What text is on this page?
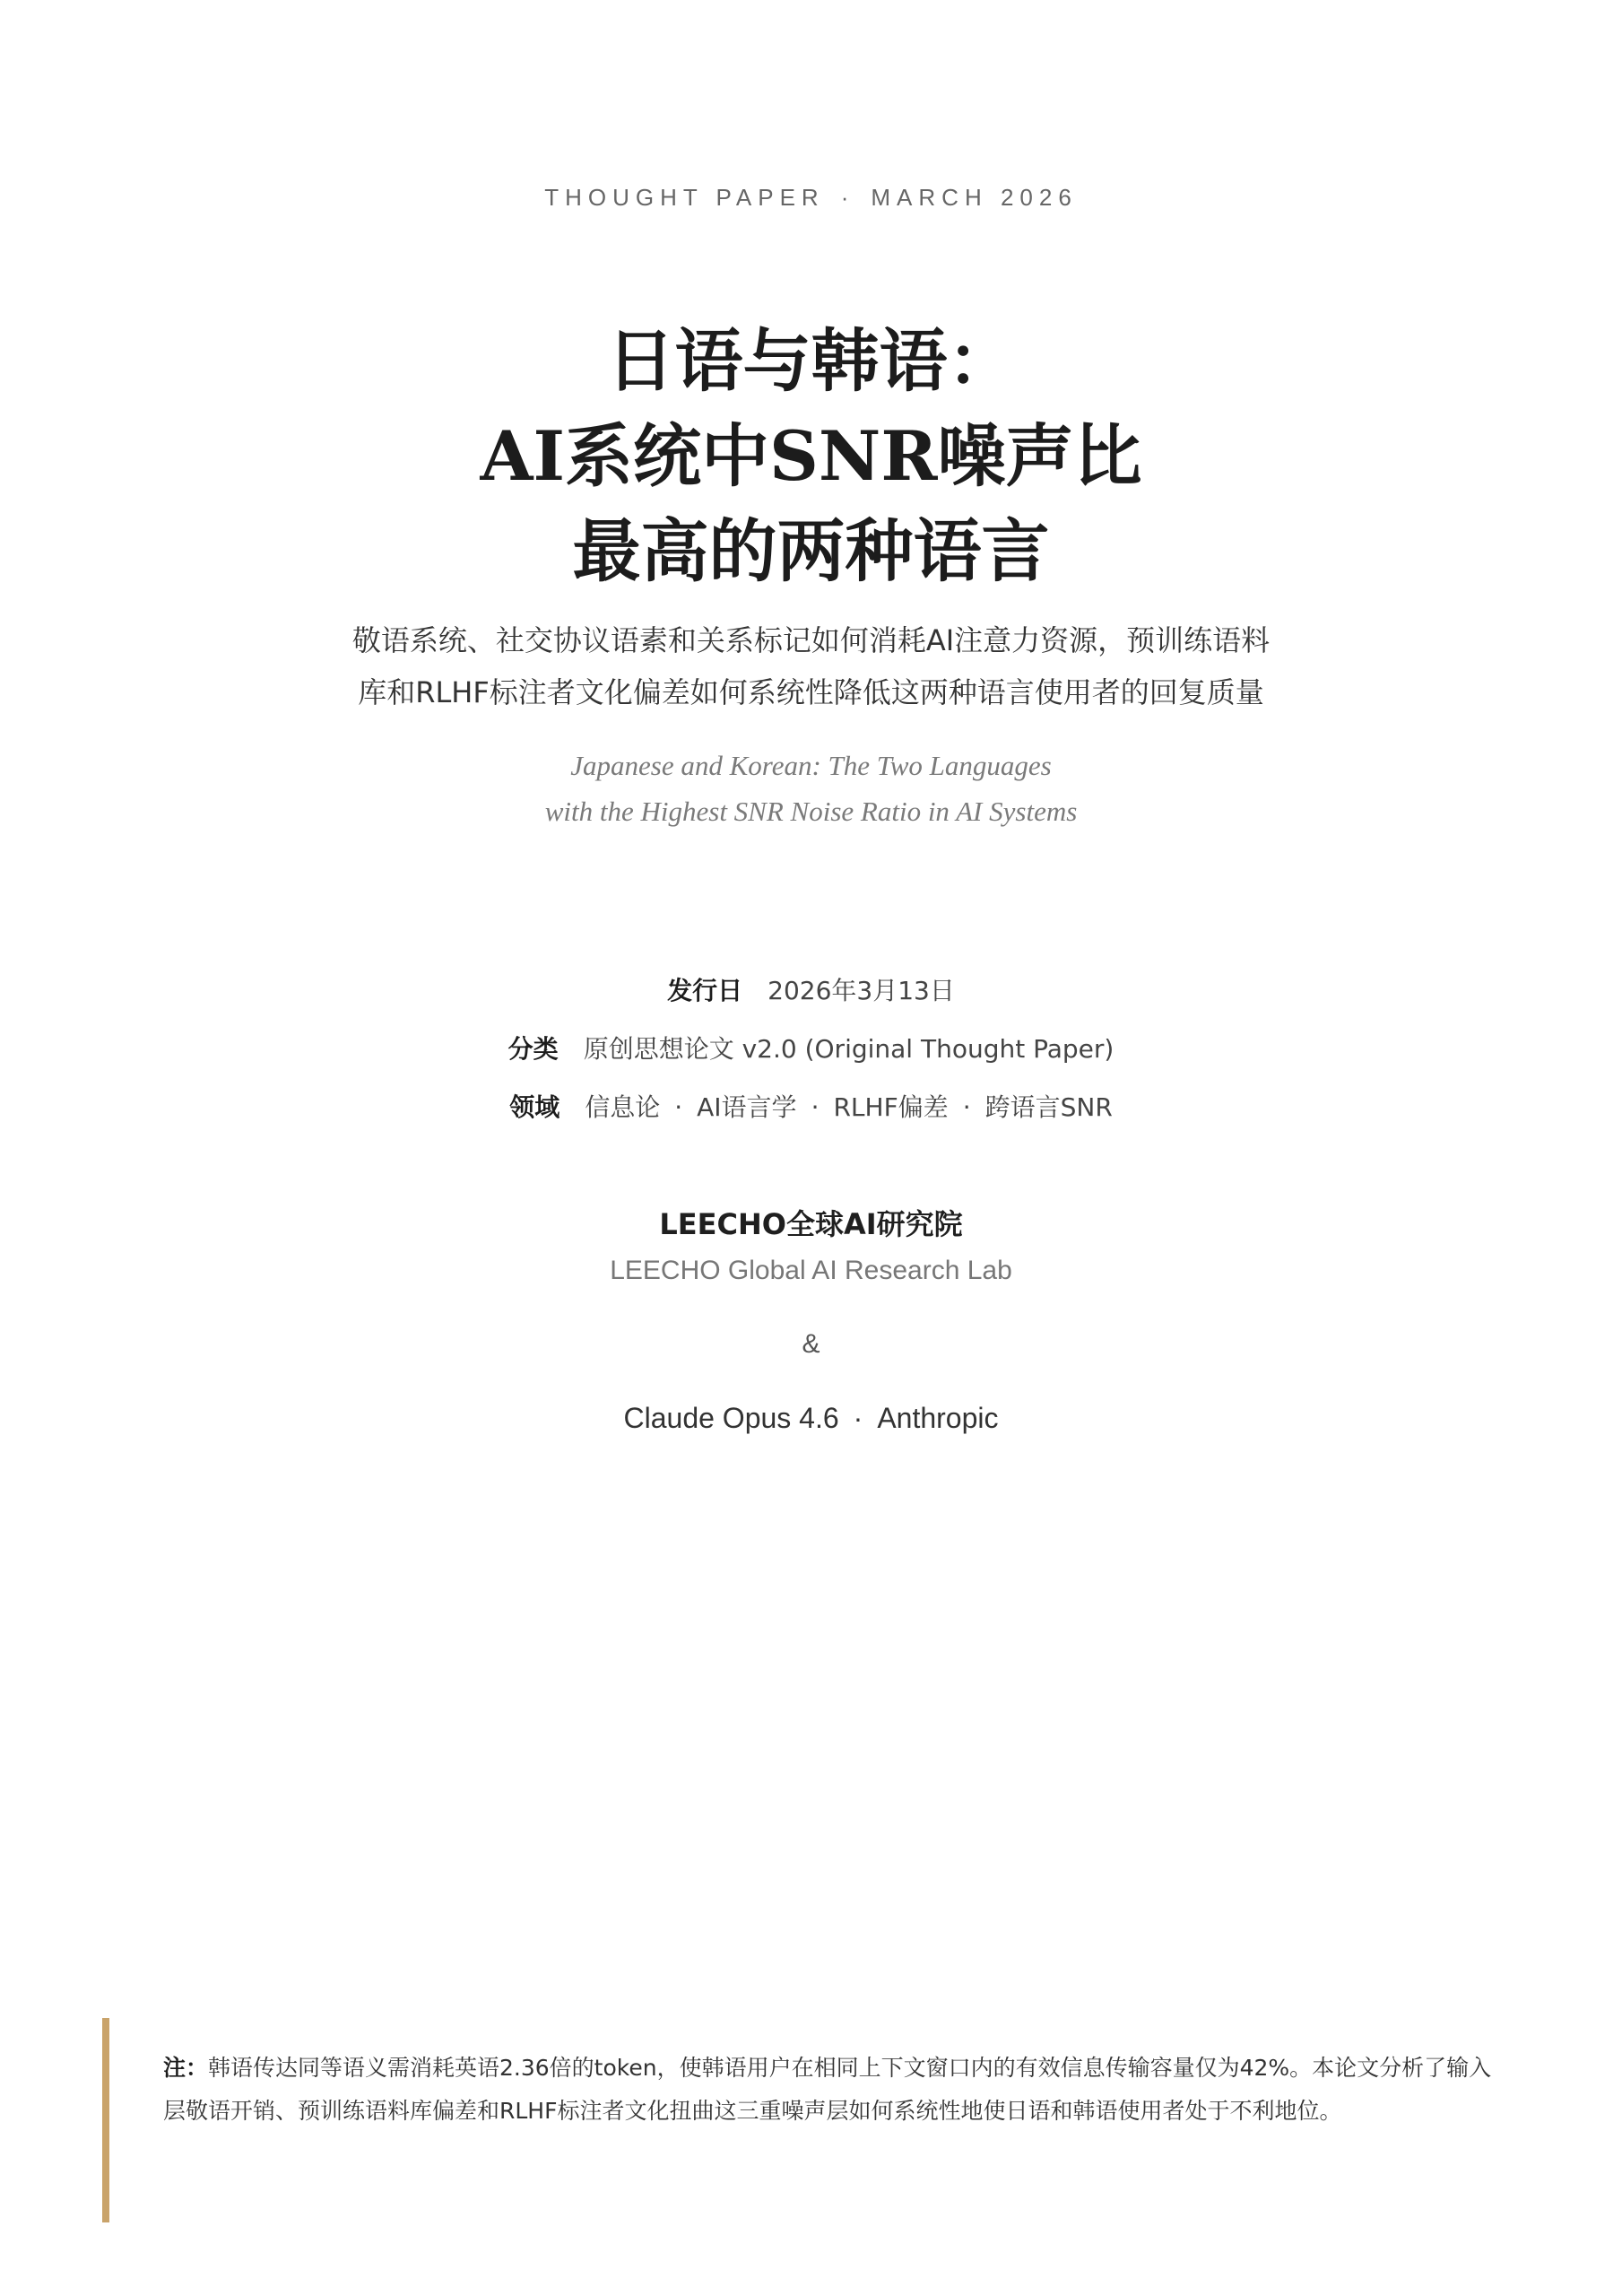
THOUGHT PAPER · MARCH 2026
日语与韩语：
AI系统中SNR噪声比
最高的两种语言
敬语系统、社交协议语素和关系标记如何消耗AI注意力资源，预训练语料
库和RLHF标注者文化偏差如何系统性降低这两种语言使用者的回复质量
Japanese and Korean: The Two Languages
with the Highest SNR Noise Ratio in AI Systems
发行日 2026年3月13日
分类 原创思想论文 v2.0 (Original Thought Paper)
领域 信息论 · AI语言学 · RLHF偏差 · 跨语言SNR
LEECHO全球AI研究院
LEECHO Global AI Research Lab
&
Claude Opus 4.6 · Anthropic
注：韩语传达同等语义需消耗英语2.36倍的token，使韩语用户在相同上下文窗口内的有效信息传输容量仅为42%。本论文分析了输入层敬语开销、预训练语料库偏差和RLHF标注者文化扭曲这三重噪声层如何系统性地使日语和韩语使用者处于不利地位。
